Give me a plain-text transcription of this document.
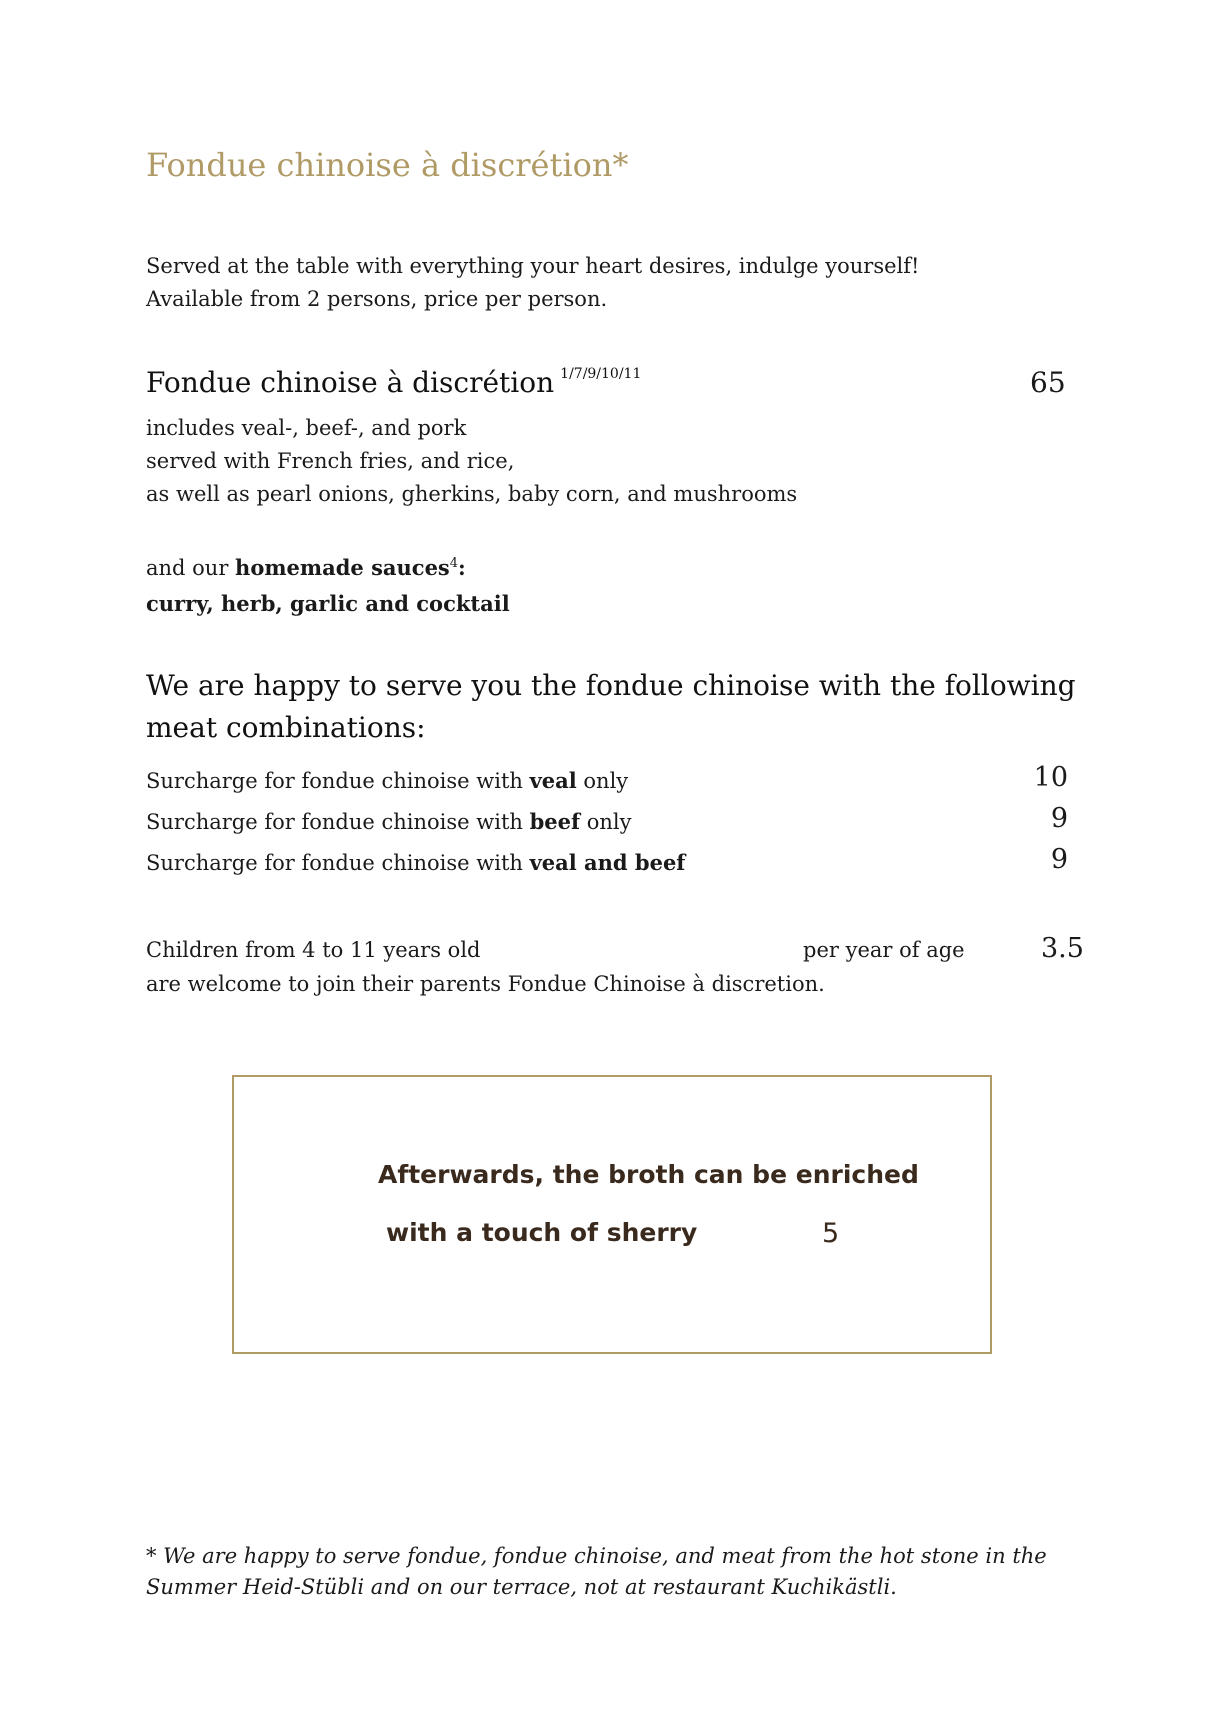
Fondue chinoise à discrétion*
Served at the table with everything your heart desires, indulge yourself!
Available from 2 persons, price per person.
Fondue chinoise à discrétion $^{1/7/9/10/11}$	65
includes veal-, beef-, and pork
served with French fries, and rice,
as well as pearl onions, gherkins, baby corn, and mushrooms
and our homemade sauces$^4$:
curry, herb, garlic and cocktail
We are happy to serve you the fondue chinoise with the following meat combinations:
Surcharge for fondue chinoise with veal only	10
Surcharge for fondue chinoise with beef only	9
Surcharge for fondue chinoise with veal and beef	9
Children from 4 to 11 years old	per year of age	3.5
are welcome to join their parents Fondue Chinoise à discretion.
Afterwards, the broth can be enriched
with a touch of sherry	5
* We are happy to serve fondue, fondue chinoise, and meat from the hot stone in the Summer Heid-Stübli and on our terrace, not at restaurant Kuchikästli.
